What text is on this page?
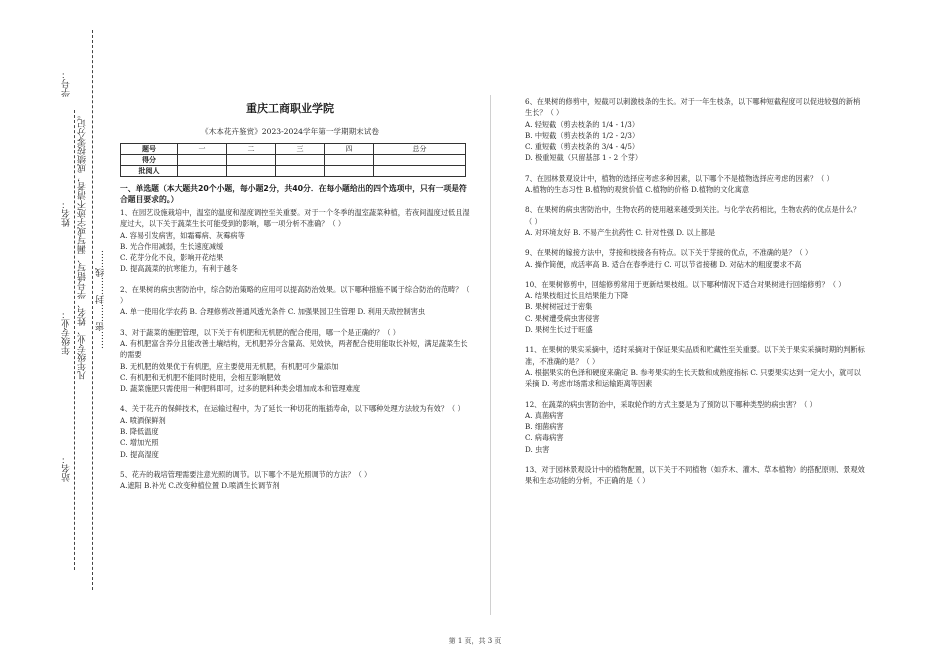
学号：
姓名：
年级专业：
站名：
凡年级专业、姓名、学号错写、漏写或字迹不清者，成绩按零分记。 ……密……封……线……
重庆工商职业学院
《木本花卉鉴赏》2023-2024学年第一学期期末试卷
题号	一	二	三	四	总分
得分					
批阅人					
一、单选题（本大题共20个小题，每小题2分，共40分．在每小题给出的四个选项中，只有一项是符合题目要求的。）

1、在园艺设施栽培中，温室的温度和湿度调控至关重要。对于一个冬季的温室蔬菜种植，若夜间温度过低且湿度过大，以下关于蔬菜生长可能受到的影响，哪一项分析不准确？（ ）

A. 容易引发病害，如霜霉病、灰霉病等

B. 光合作用减弱，生长速度减缓

C. 花芽分化不良，影响开花结果

D. 提高蔬菜的抗寒能力，有利于越冬

2、在果树的病虫害防治中，综合防治策略的应用可以提高防治效果。以下哪种措施不属于综合防治的范畴？（ ）

A. 单一使用化学农药 B. 合理修剪改善通风透光条件 C. 加强果园卫生管理 D. 利用天敌控制害虫

3、对于蔬菜的施肥管理，以下关于有机肥和无机肥的配合使用，哪一个是正确的？（ ）

A. 有机肥富含养分且能改善土壤结构，无机肥养分含量高、见效快，两者配合使用能取长补短，满足蔬菜生长的需要

B. 无机肥的效果优于有机肥，应主要使用无机肥，有机肥可少量添加

C. 有机肥和无机肥不能同时使用，会相互影响肥效

D. 蔬菜施肥只需使用一种肥料即可，过多的肥料种类会增加成本和管理难度

4、关于花卉的保鲜技术，在运输过程中，为了延长一种切花的瓶插寿命，以下哪种处理方法较为有效？（ ）

A. 喷洒保鲜剂

B. 降低温度

C. 增加光照

D. 提高湿度

5、花卉的栽培管理需要注意光照的调节。以下哪个不是光照调节的方法？（ ）

A.遮阳 B.补光 C.改变种植位置 D.喷洒生长调节剂

6、在果树的修剪中，短截可以刺激枝条的生长。对于一年生枝条，以下哪种短截程度可以促进较强的新梢生长？（ ）

A. 轻短截（剪去枝条的 1/4 - 1/3）

B. 中短截（剪去枝条的 1/2 - 2/3）

C. 重短截（剪去枝条的 3/4 - 4/5）

D. 极重短截（只留基部 1 - 2 个芽）

7、在园林景观设计中，植物的选择应考虑多种因素，以下哪个不是植物选择应考虑的因素？（ ）

A.植物的生态习性 B.植物的观赏价值 C.植物的价格 D.植物的文化寓意

8、在果树的病虫害防治中，生物农药的使用越来越受到关注。与化学农药相比，生物农药的优点是什么？（ ）

A. 对环境友好 B. 不易产生抗药性 C. 针对性强 D. 以上都是

9、在果树的嫁接方法中，芽接和枝接各有特点。以下关于芽接的优点，不准确的是？（ ）

A. 操作简便，成活率高 B. 适合在春季进行 C. 可以节省接穗 D. 对砧木的粗度要求不高

10、在果树修剪中，回缩修剪常用于更新结果枝组。以下哪种情况下适合对果树进行回缩修剪？（ ）

A. 结果枝组过长且结果能力下降

B. 果树树冠过于密集

C. 果树遭受病虫害侵害

D. 果树生长过于旺盛

11、在果树的果实采摘中，适时采摘对于保证果实品质和贮藏性至关重要。以下关于果实采摘时期的判断标准，不准确的是？（ ）

A. 根据果实的色泽和硬度来确定 B. 参考果实的生长天数和成熟度指标 C. 只要果实达到一定大小，就可以采摘 D. 考虑市场需求和运输距离等因素

12、在蔬菜的病虫害防治中，采取轮作的方式主要是为了预防以下哪种类型的病虫害？（ ）

A. 真菌病害

B. 细菌病害

C. 病毒病害

D. 虫害

13、对于园林景观设计中的植物配置，以下关于不同植物（如乔木、灌木、草本植物）的搭配原则、景观效果和生态功能的分析，不正确的是（ ）

第 1 页，共 3 页
